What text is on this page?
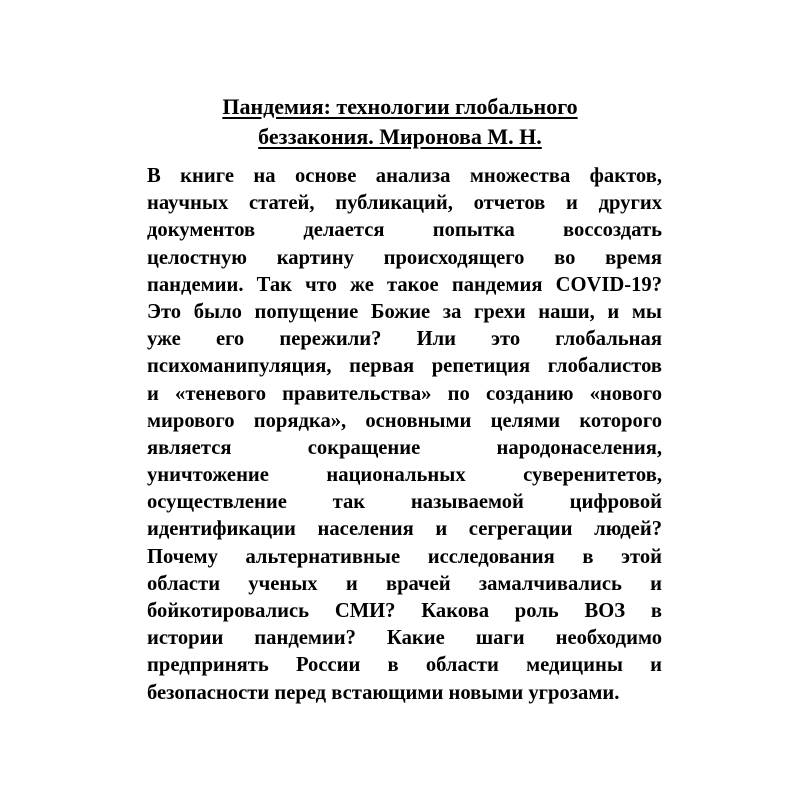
Пандемия: технологии глобального
беззакония. Миронова М. Н.
В книге на основе анализа множества фактов,
научных статей, публикаций, отчетов и других
документов делается попытка воссоздать
целостную картину происходящего во время
пандемии. Так что же такое пандемия COVID-19?
Это было попущение Божие за грехи наши, и мы
уже его пережили? Или это глобальная
психоманипуляция, первая репетиция глобалистов
и «теневого правительства» по созданию «нового
мирового порядка», основными целями которого
является сокращение народонаселения,
уничтожение национальных суверенитетов,
осуществление так называемой цифровой
идентификации населения и сегрегации людей?
Почему альтернативные исследования в этой
области ученых и врачей замалчивались и
бойкотировались СМИ? Какова роль ВОЗ в
истории пандемии? Какие шаги необходимо
предпринять России в области медицины и
безопасности перед встающими новыми угрозами.
